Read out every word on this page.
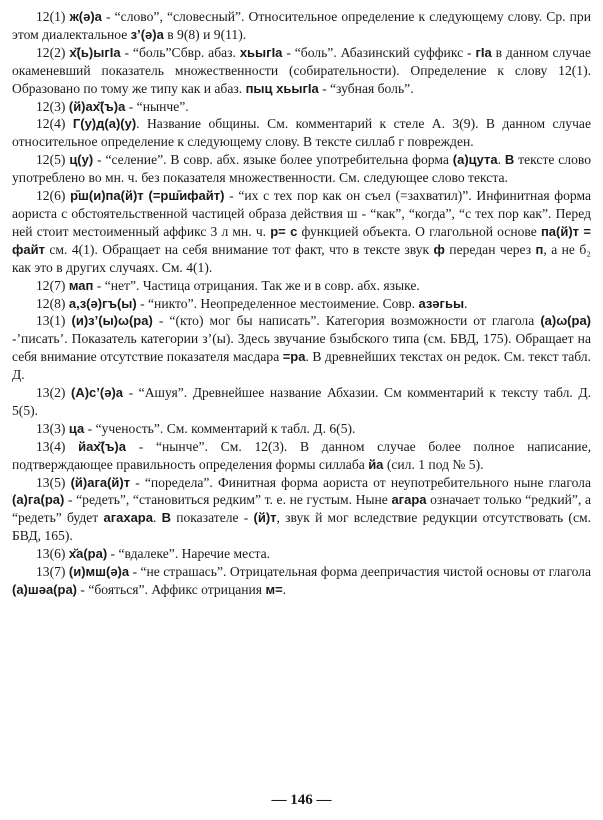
12(1) ж(ә)а - “слово”, “словесный”. Относительное определение к следующему слову. Ср. при этом диалектальное з’(ә)а в 9(8) и 9(11).

12(2) х̆(ь)ыгІа - “боль”Сбвр. абаз. хьыгІа - “боль”. Абазинский суффикс - гІа в данном случае окаменевший показатель множественности (собирательности). Определение к слову 12(1). Образовано по тому же типу как и абаз. пыц хьыгІа - “зубная боль”.

12(3) (й)ах̆(ъ)а - “нынче”.

12(4) Г(у)д(а)(у). Название общины. См. комментарий к стеле А. 3(9). В данном случае относительное определение к следующему слову. В тексте силлаб г поврежден.

12(5) ц(у) - “селение”. В совр. абх. языке более употребительна форма (а)цута. В тексте слово употреблено во мн. ч. без показателя множественности. См. следующее слово текста.

12(6) р̄ш(и)па(й)т (=рш̄ифайт) - “их с тех пор как он съел (=захватил)”. Инфинитная форма аориста с обстоятельственной частицей образа действия ш - “как”, “когда”, “с тех пор как”. Перед ней стоит местоименный аффикс 3 л мн. ч. р= с функцией объекта. О глагольной основе па(й)т = файт см. 4(1). Обращает на себя внимание тот факт, что в тексте звук ф передан через п, а не б₂ как это в других случаях. См. 4(1).

12(7) мап - “нет”. Частица отрицания. Так же и в совр. абх. языке.

12(8) а,з(ә)гъ(ы) - “никто”. Неопределенное местоимение. Совр. азәгьы.

13(1) (и)з’(ы)ω(ра) - “(кто) мог бы написать”. Категория возможности от глагола (а)ω(ра) -’писать’. Показатель категории з’(ы). Здесь звучание бзыбского типа (см. БВД, 175). Обращает на себя внимание отсутствие показателя масдара =ра. В древнейших текстах он редок. См. текст табл. Д.

13(2) (А)с’(ә)а - “Ашуя”. Древнейшее название Абхазии. См комментарий к тексту табл. Д. 5(5).

13(3) ца - “ученость”. См. комментарий к табл. Д. 6(5).

13(4) йах̆(ъ)а - “нынче”. См. 12(3). В данном случае более полное написание, подтверждающее правильность определения формы силлаба йа (сил. 1 под № 5).

13(5) (й)ага(й)т - “поредела”. Финитная форма аориста от неупотребительного ныне глагола (а)га(ра) - “редеть”, “становиться редким” т. е. не густым. Ныне агара означает только “редкий”, а “редеть” будет агахара. В показателе - (й)т, звук й мог вследствие редукции отсутствовать (см. БВД, 165).

13(6) х̆а(ра) - “вдалеке”. Наречие места.

13(7) (и)мш(ә)а - “не страшась”. Отрицательная форма деепричастия чистой основы от глагола (а)шәа(ра) - “бояться”. Аффикс отрицания м=.

— 146 —
